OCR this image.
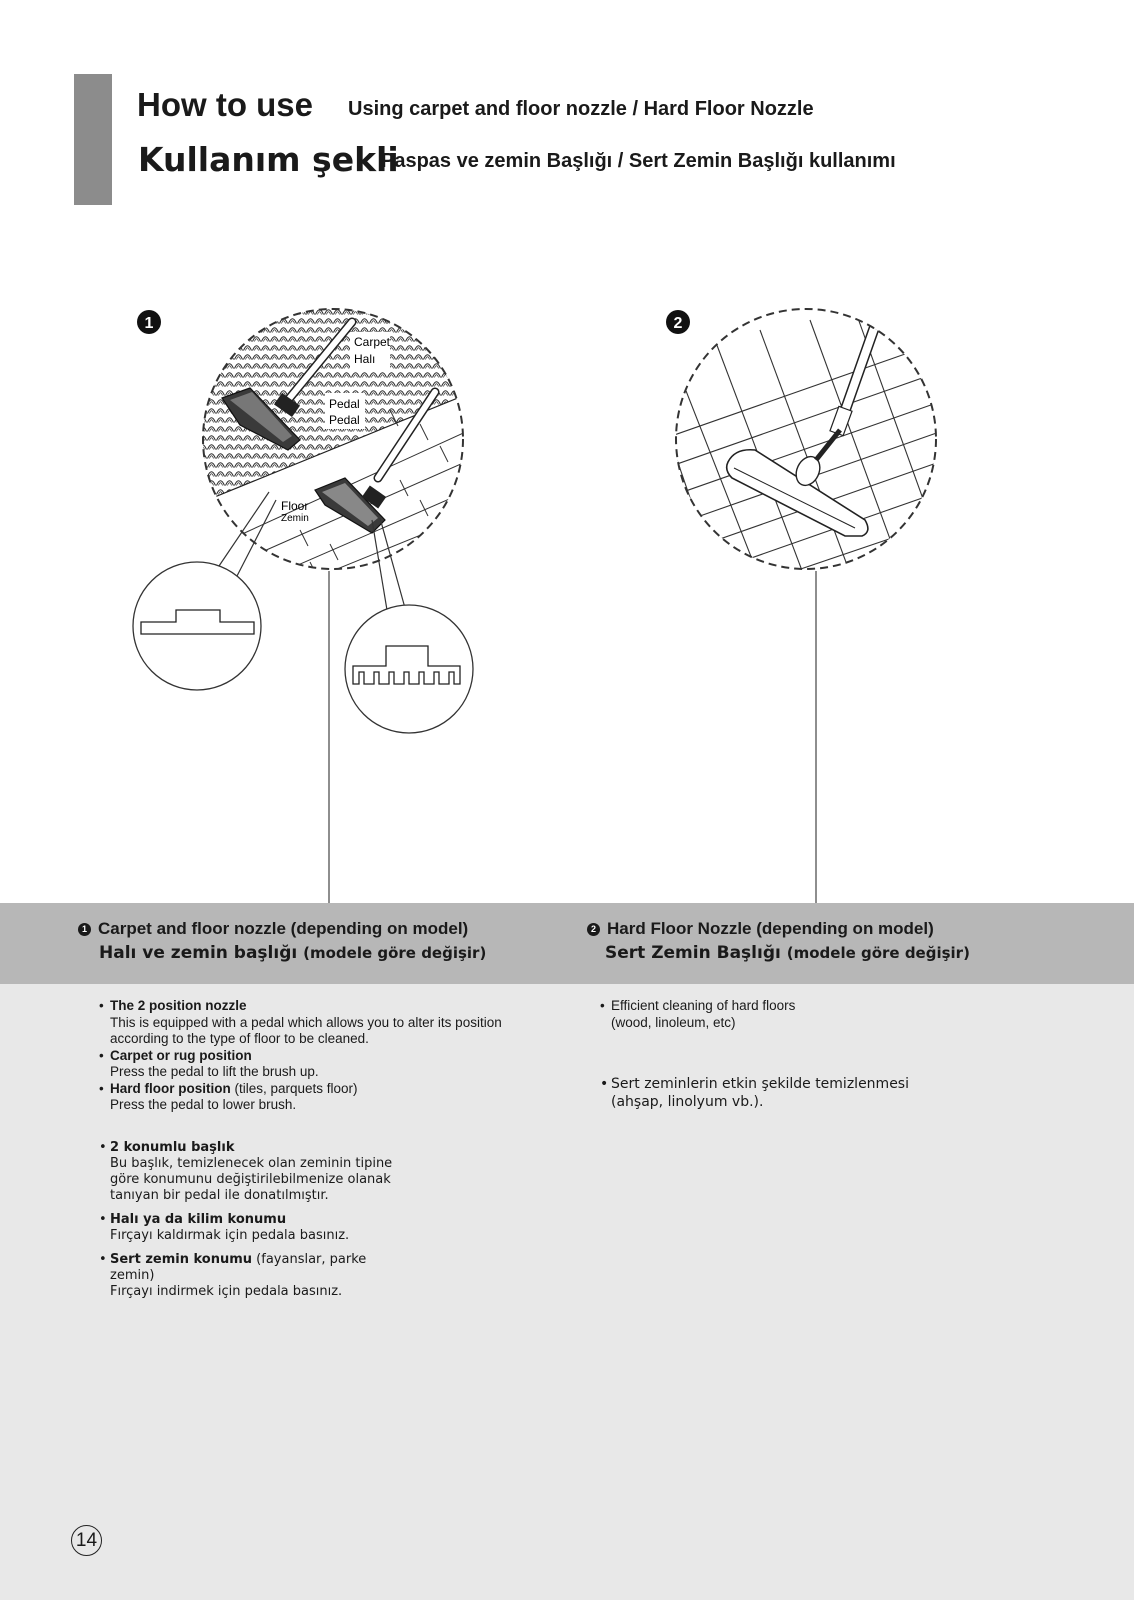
How to use Using carpet and floor nozzle / Hard Floor Nozzle
Kullanım şekli
Paspas ve zemin Başlığı / Sert Zemin Başlığı kullanımı
1
Carpet
Halı
Pedal
Pedal
Floor
Zemin
2
1 Carpet and floor nozzle (depending on model)
Halı ve zemin başlığı (modele göre değişir)
2 Hard Floor Nozzle (depending on model)
Sert Zemin Başlığı (modele göre değişir)
• The 2 position nozzle
This is equipped with a pedal which allows you to alter its position
according to the type of floor to be cleaned.
• Carpet or rug position
Press the pedal to lift the brush up.
• Hard floor position (tiles, parquets floor)
Press the pedal to lower brush.
• 2 konumlu başlık
Bu başlık, temizlenecek olan zeminin tipine
göre konumunu değiştirilebilmenize olanak
tanıyan bir pedal ile donatılmıştır.
• Halı ya da kilim konumu
Fırçayı kaldırmak için pedala basınız.
• Sert zemin konumu (fayanslar, parke
zemin)
Fırçayı indirmek için pedala basınız.
• Efficient cleaning of hard floors
(wood, linoleum, etc)
• Sert zeminlerin etkin şekilde temizlenmesi
(ahşap, linolyum vb.).
14
